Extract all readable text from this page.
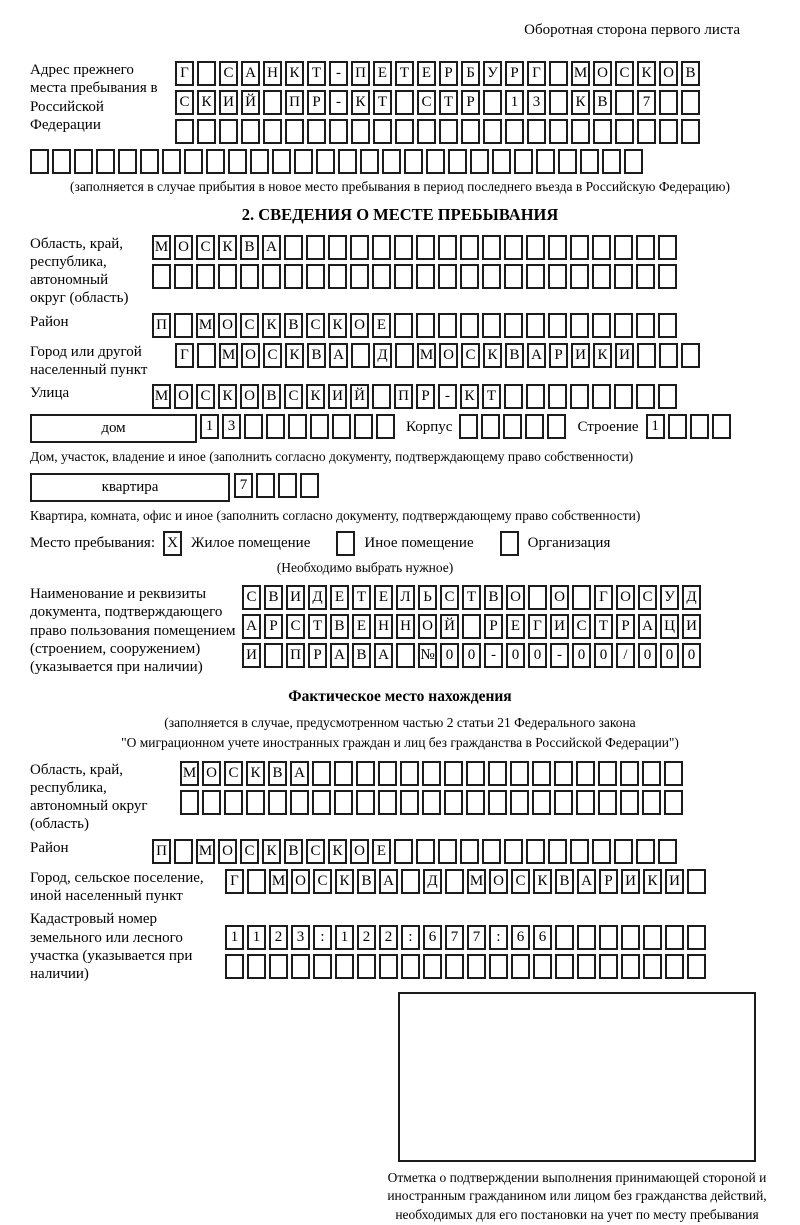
Оборотная сторона первого листа
Адрес прежнего места пребывания в Российской Федерации
Г	С А Н К Т - П Е Т Е Р Б У Р Г	М О С К О В
С К И Й П Р	- К Т	С Т Р	1 3	К В	7
(заполняется в случае прибытия в новое место пребывания в период последнего въезда в Российскую Федерацию)
2. СВЕДЕНИЯ О МЕСТЕ ПРЕБЫВАНИЯ
Область, край, республика, автономный округ (область)
М О С К В А
Район	П М О С К В С К О Е
Город или другой населенный пункт
Г	М О С К В А Д М О С К В А Р И К И
Улица	М О С К О В С К И Й П Р	- К Т
дом	1 3	Корпус	Строение 1
Дом, участок, владение и иное (заполнить согласно документу, подтверждающему право собственности)
квартира	7
Квартира, комната, офис и иное (заполнить согласно документу, подтверждающему право собственности)
Место пребывания: X Жилое помещение	Иное помещение	Организация
(Необходимо выбрать нужное)
Наименование и реквизиты документа, подтверждающего право пользования помещением (строением, сооружением) (указывается при наличии)
С В И Д Е Т Е Л Ь С Т В О О	Г О С У Д
А Р С Т В Е Н Н О Й	Р Е Г И С Т Р А Ц И
И П Р А В А № 0 0	-	0 0	-	0 0	/	0 0 0
Фактическое место нахождения
(заполняется в случае, предусмотренном частью 2 статьи 21 Федерального закона
"О миграционном учете иностранных граждан и лиц без гражданства в Российской Федерации")
Область, край, республика, автономный округ (область)
М О С К В А
Район	П М О С К В С К О Е
Город, сельское поселение, иной населенный пункт
Г	М О С К В А Д М О С К В А Р И К И
Кадастровый номер земельного или лесного участка (указывается при наличии)
1 1 2 3	:	1 2 2	:	6 7 7	:	6 6
Отметка о подтверждении выполнения принимающей стороной и иностранным гражданином или лицом без гражданства действий, необходимых для его постановки на учет по месту пребывания
